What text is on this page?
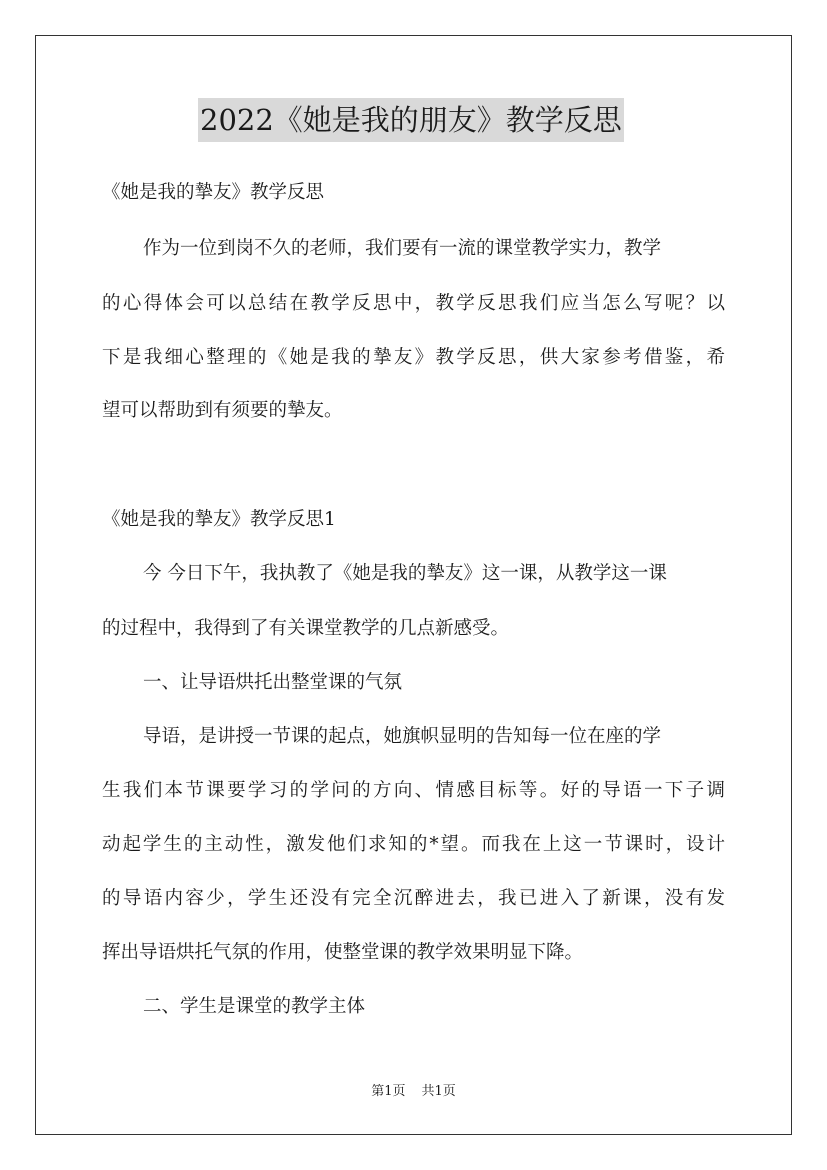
2022《她是我的朋友》教学反思
《她是我的摯友》教学反思
作为一位到岗不久的老师，我们要有一流的课堂教学实力，教学
的心得体会可以总结在教学反思中，教学反思我们应当怎么写呢？以
下是我细心整理的《她是我的摯友》教学反思，供大家参考借鉴，希
望可以帮助到有须要的摯友。
《她是我的摯友》教学反思1
今 今日下午，我执教了《她是我的摯友》这一课，从教学这一课
的过程中，我得到了有关课堂教学的几点新感受。
一、让导语烘托出整堂课的气氛
导语，是讲授一节课的起点，她旗帜显明的告知每一位在座的学
生我们本节课要学习的学问的方向、情感目标等。好的导语一下子调
动起学生的主动性，激发他们求知的*望。而我在上这一节课时，设计
的导语内容少，学生还没有完全沉醉进去，我已进入了新课，没有发
挥出导语烘托气氛的作用，使整堂课的教学效果明显下降。
二、学生是课堂的教学主体
第1页 共1页
